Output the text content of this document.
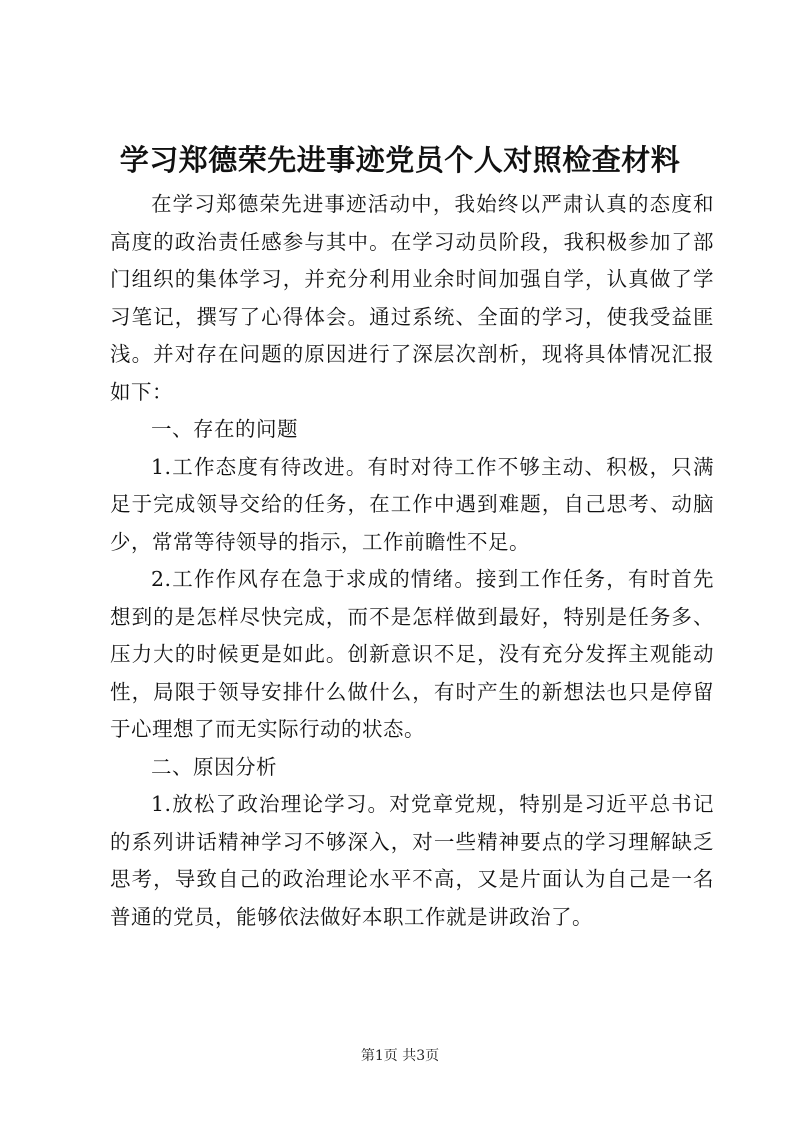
学习郑德荣先进事迹党员个人对照检查材料

在学习郑德荣先进事迹活动中，我始终以严肃认真的态度和高度的政治责任感参与其中。在学习动员阶段，我积极参加了部门组织的集体学习，并充分利用业余时间加强自学，认真做了学习笔记，撰写了心得体会。通过系统、全面的学习，使我受益匪浅。并对存在问题的原因进行了深层次剖析，现将具体情况汇报如下：

一、存在的问题

1.工作态度有待改进。有时对待工作不够主动、积极，只满足于完成领导交给的任务，在工作中遇到难题，自己思考、动脑少，常常等待领导的指示，工作前瞻性不足。

2.工作作风存在急于求成的情绪。接到工作任务，有时首先想到的是怎样尽快完成，而不是怎样做到最好，特别是任务多、压力大的时候更是如此。创新意识不足，没有充分发挥主观能动性，局限于领导安排什么做什么，有时产生的新想法也只是停留于心理想了而无实际行动的状态。

二、原因分析

1.放松了政治理论学习。对党章党规，特别是习近平总书记的系列讲话精神学习不够深入，对一些精神要点的学习理解缺乏思考，导致自己的政治理论水平不高，又是片面认为自己是一名普通的党员，能够依法做好本职工作就是讲政治了。

第1页 共3页
